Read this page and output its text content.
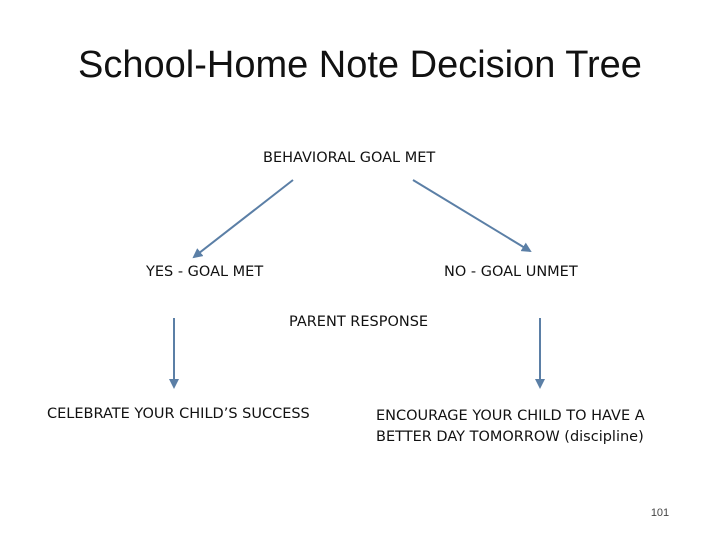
School-Home Note Decision Tree
BEHAVIORAL GOAL MET
YES - GOAL MET	NO - GOAL UNMET
PARENT RESPONSE
CELEBRATE YOUR CHILD’S SUCCESS	ENCOURAGE YOUR CHILD TO HAVE A
BETTER DAY TOMORROW (discipline)
101
